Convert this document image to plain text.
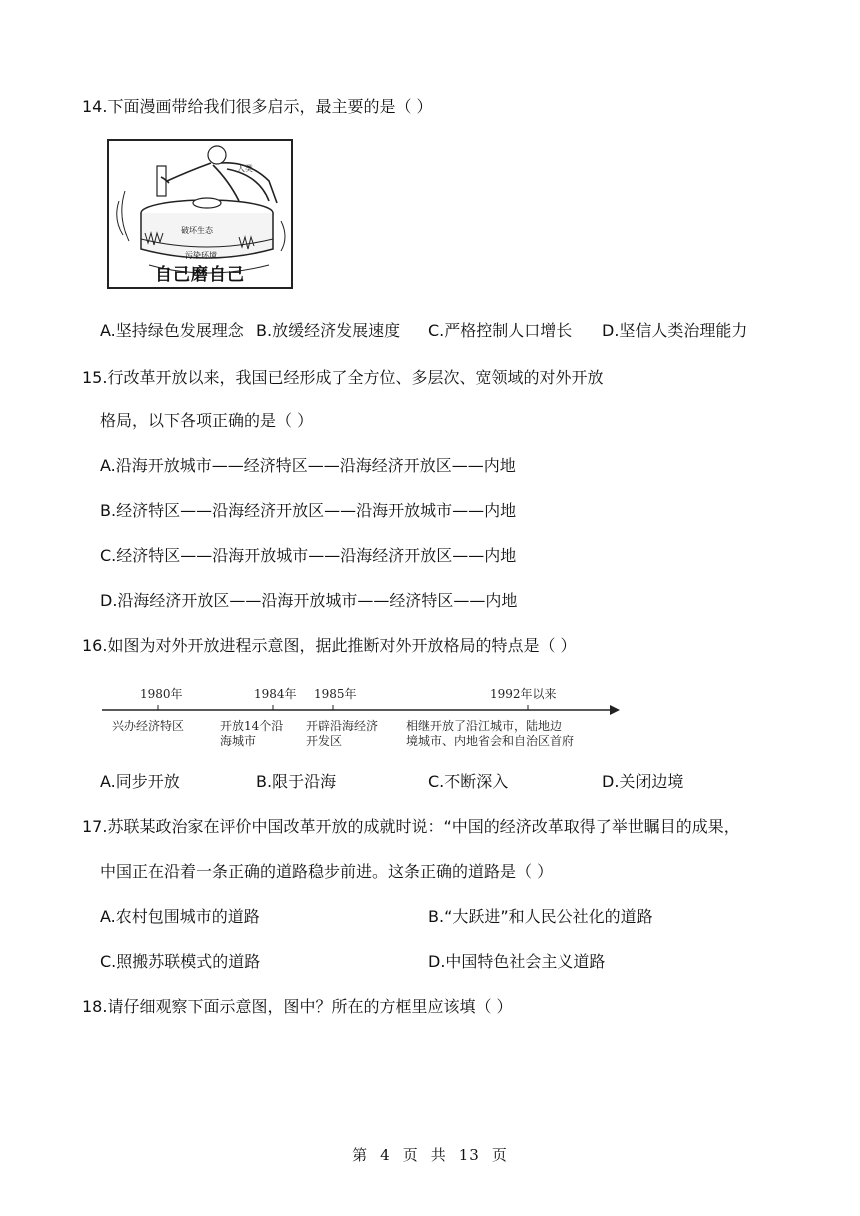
14.下面漫画带给我们很多启示，最主要的是（ ）
人类
破坏生态
污染环境
自己磨自己
A.坚持绿色发展理念 B.放缓经济发展速度 C.严格控制人口增长 D.坚信人类治理能力
15.行改革开放以来，我国已经形成了全方位、多层次、宽领域的对外开放
格局，以下各项正确的是（ ）
A.沿海开放城市——经济特区——沿海经济开放区——内地
B.经济特区——沿海经济开放区——沿海开放城市——内地
C.经济特区——沿海开放城市——沿海经济开放区——内地
D.沿海经济开放区——沿海开放城市——经济特区——内地
16.如图为对外开放进程示意图，据此推断对外开放格局的特点是（ ）
1980年	1984年 1985年	1992年以来
兴办经济特区	开放14个沿
海城市
开辟沿海经济
开发区
相继开放了沿江城市，陆地边
境城市、内地省会和自治区首府
A.同步开放	B.限于沿海	C.不断深入	D.关闭边境
17.苏联某政治家在评价中国改革开放的成就时说：“中国的经济改革取得了举世瞩目的成果，
中国正在沿着一条正确的道路稳步前进。这条正确的道路是（ ）
A.农村包围城市的道路	B.“大跃进”和人民公社化的道路
C.照搬苏联模式的道路	D.中国特色社会主义道路
18.请仔细观察下面示意图，图中？所在的方框里应该填（ ）
第 4 页 共 13 页
